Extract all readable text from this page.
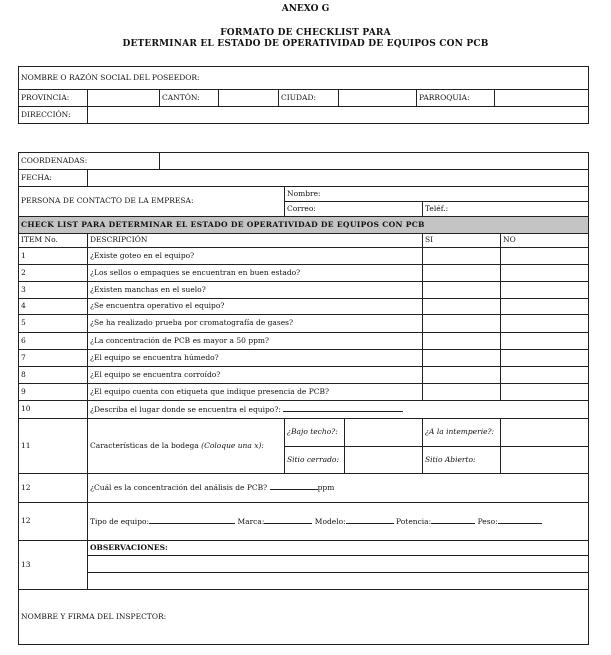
ANEXO G
FORMATO DE CHECKLIST PARA
DETERMINAR EL ESTADO DE OPERATIVIDAD DE EQUIPOS CON PCB
NOMBRE O RAZÓN SOCIAL DEL POSEEDOR:							
PROVINCIA:		CANTÓN:		CIUDAD:		PARROQUIA:	
DIRECCIÓN:							
COORDENADAS:						
FECHA:						
PERSONA DE CONTACTO DE LA EMPRESA:			Nombre:			
			Correo:		Teléf.:	
CHECK LIST PARA DETERMINAR EL ESTADO DE OPERATIVIDAD DE EQUIPOS CON PCB						
ITEM No.	DESCRIPCIÓN				SI	NO
1	¿Existe goteo en el equipo?					
2	¿Los sellos o empaques se encuentran en buen estado?					
3	¿Existen manchas en el suelo?					
4	¿Se encuentra operativo el equipo?					
5	¿Se ha realizado prueba por cromatografía de gases?					
6	¿La concentración de PCB es mayor a 50 ppm?					
7	¿El equipo se encuentra húmedo?					
8	¿El equipo se encuentra corroído?					
9	¿El equipo cuenta con etiqueta que indique presencia de PCB?					
10	¿Describa el lugar donde se encuentra el equipo?:					
11	Características de la bodega (Coloque una x):		¿Bajo techo?:		¿A la intemperie?:	
			Sitio cerrado:		Sitio Abierto:	
12	¿Cuál es la concentración del análisis de PCB? ppm					
12	Tipo de equipo: Marca: Modelo: Potencia: Peso:					
13	OBSERVACIONES:					

NOMBRE Y FIRMA DEL INSPECTOR:						
